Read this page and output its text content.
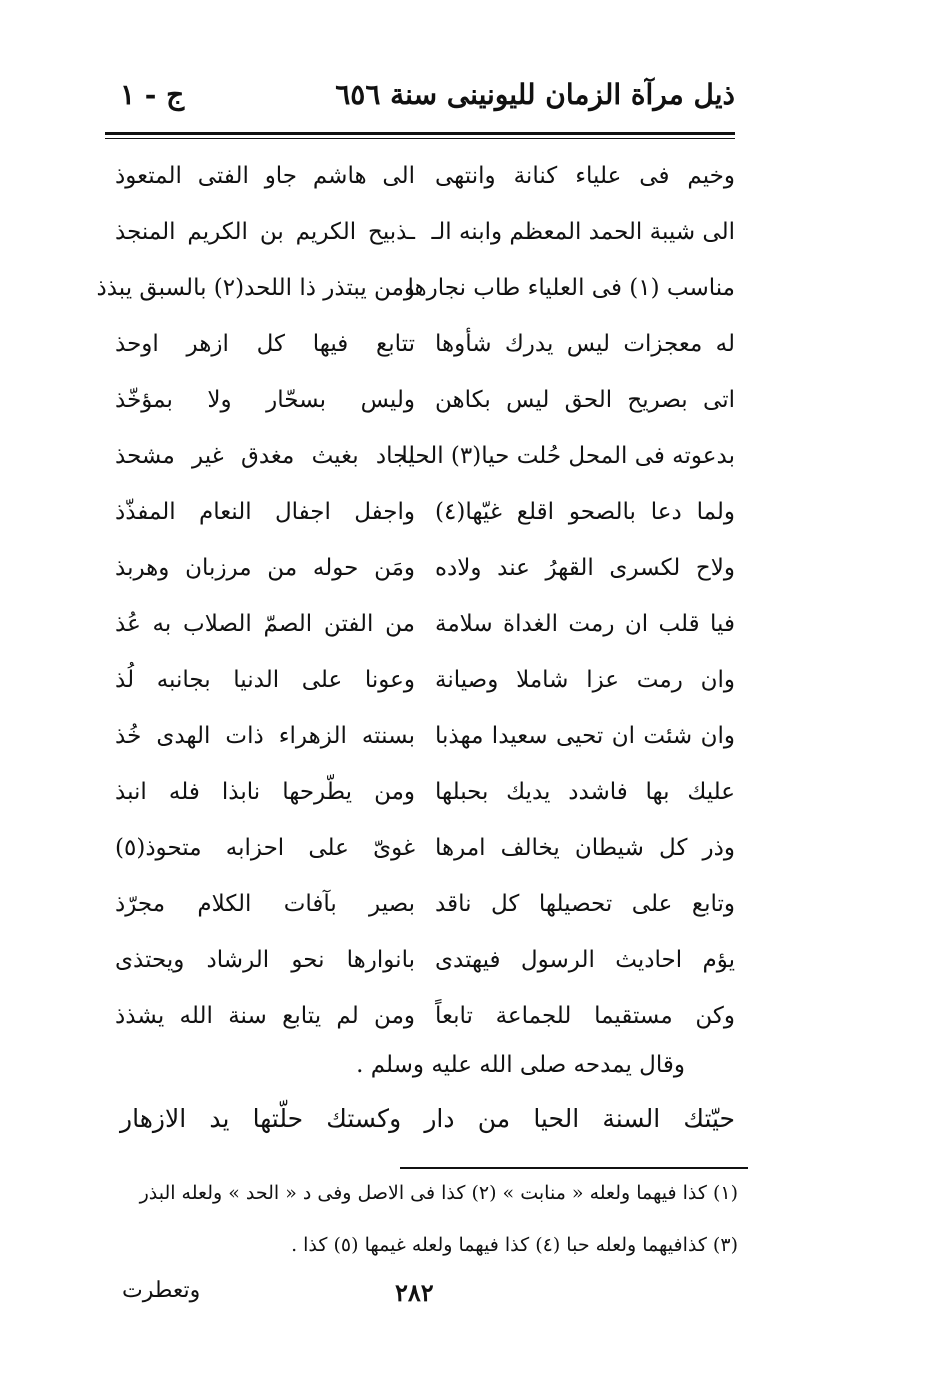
ذيل مرآة الزمان لليونينى سنة ٦٥٦
ج - ١
وخيم فى علياء كنانة وانتهى
الى هاشم جاو الفتى المتعوذ
الى شيبة الحمد المعظم وابنه الـ
ـذبيح الكريم بن الكريم المنجذ
مناسب (١) فى العلياء طاب نجارها
ومن يبتذر ذا اللحد(٢) بالسبق يبذذ
له معجزات ليس يدرك شأوها
تتابع فيها كل ازهر اوحذ
اتى بصريح الحق ليس بكاهن
وليس بسحّار ولا بمؤخّذ
بدعوته فى المحل حُلت حيا(٣) الحيا
لجاد بغيث مغدق غير مشحذ
ولما دعا بالصحو اقلع غيّها(٤)
واجفل اجفال النعام المفذّذ
ولاح لكسرى القهرُ عند ولاده
ومَن حوله من مرزبان وهربذ
فيا قلب ان رمت الغداة سلامة
من الفتن الصمّ الصلاب به عُذ
وان رمت عزا شاملا وصيانة
وعونا على الدنيا بجانبه لُذ
وان شئت ان تحيى سعيدا مهذبا
بسنته الزهراء ذات الهدى خُذ
عليك بها فاشدد يديك بحبلها
ومن يطّرحها نابذا فله انبذ
وذر كل شيطان يخالف امرها
غوىّ على احزابه متحوذ(٥)
وتابع على تحصيلها كل ناقد
بصير بآفات الكلام مجرّذ
يؤم احاديث الرسول فيهتدى
بانوارها نحو الرشاد ويحتذى
وكن مستقيما للجماعة تابعاً
ومن لم يتابع سنة الله يشذذ
وقال يمدحه صلى الله عليه وسلم .
حيّتك السنة الحيا من دار وكستك حلّتها يد الازهار
(١) كذا فيهما ولعله « منابت » (٢) كذا فى الاصل وفى د « الحد » ولعله البذر
(٣) كذافيهما ولعله حبا (٤) كذا فيهما ولعله غيمها (٥) كذا .
٢٨٢
وتعطرت
